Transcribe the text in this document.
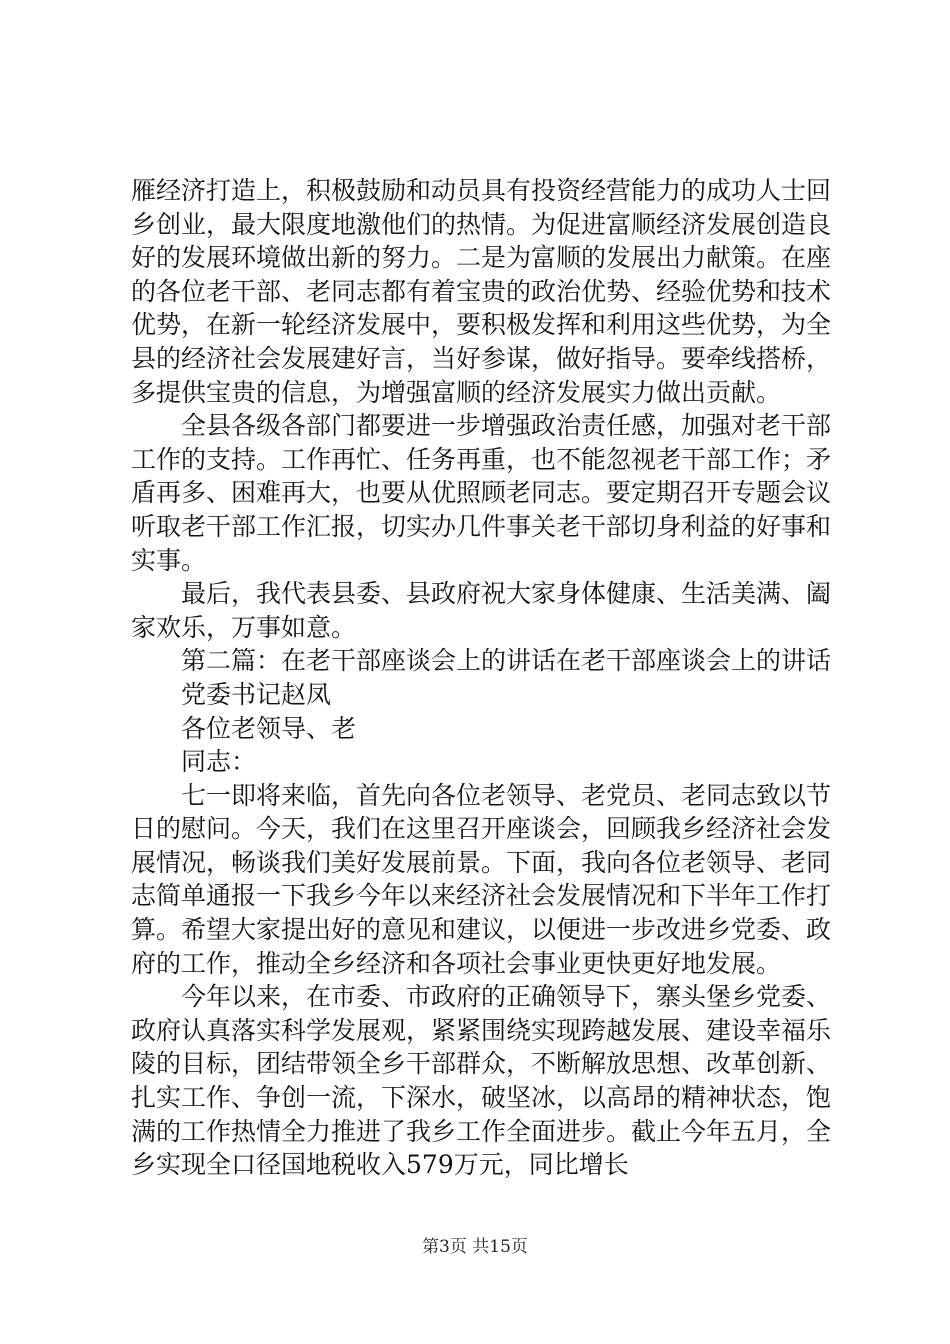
雁经济打造上，积极鼓励和动员具有投资经营能力的成功人士回乡创业，最大限度地激他们的热情。为促进富顺经济发展创造良好的发展环境做出新的努力。二是为富顺的发展出力献策。在座的各位老干部、老同志都有着宝贵的政治优势、经验优势和技术优势，在新一轮经济发展中，要积极发挥和利用这些优势，为全县的经济社会发展建好言，当好参谋，做好指导。要牵线搭桥，多提供宝贵的信息，为增强富顺的经济发展实力做出贡献。

全县各级各部门都要进一步增强政治责任感，加强对老干部工作的支持。工作再忙、任务再重，也不能忽视老干部工作；矛盾再多、困难再大，也要从优照顾老同志。要定期召开专题会议听取老干部工作汇报，切实办几件事关老干部切身利益的好事和实事。

最后，我代表县委、县政府祝大家身体健康、生活美满、阖家欢乐，万事如意。

第二篇：在老干部座谈会上的讲话在老干部座谈会上的讲话

党委书记赵凤

各位老领导、老

同志：

七一即将来临，首先向各位老领导、老党员、老同志致以节日的慰问。今天，我们在这里召开座谈会，回顾我乡经济社会发展情况，畅谈我们美好发展前景。下面，我向各位老领导、老同志简单通报一下我乡今年以来经济社会发展情况和下半年工作打算。希望大家提出好的意见和建议，以便进一步改进乡党委、政府的工作，推动全乡经济和各项社会事业更快更好地发展。

今年以来，在市委、市政府的正确领导下，寨头堡乡党委、政府认真落实科学发展观，紧紧围绕实现跨越发展、建设幸福乐陵的目标，团结带领全乡干部群众，不断解放思想、改革创新、扎实工作、争创一流，下深水，破坚冰，以高昂的精神状态，饱满的工作热情全力推进了我乡工作全面进步。截止今年五月，全乡实现全口径国地税收入579万元，同比增长

第3页 共15页
